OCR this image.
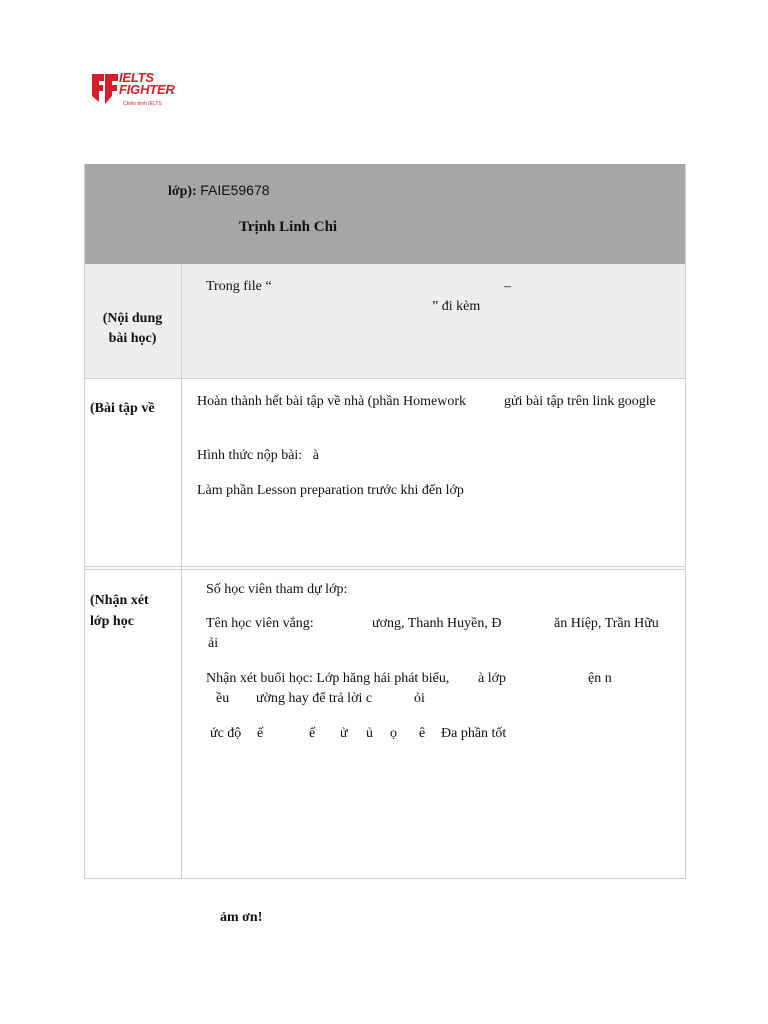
IELTS
FIGHTER
Chiến binh IELTS
lớp): FAIE59678
Trịnh Linh Chi
(Nội dung
bài học)
Trong file “	–
” đi kèm
(Bài tập về	Hoàn thành hết bài tập về nhà (phần Homework	gửi bài tập trên link google
Hình thức nộp bài: à
Làm phần Lesson preparation trước khi đến lớp
(Nhận xét
lớp học
Số học viên tham dự lớp:
Tên học viên vắng:	ương, Thanh Huyền, Đ	ăn Hiệp, Trần Hữu
ải
Nhận xét buổi học: Lớp hăng hái phát biểu, à lớp	ện n
ều ường hay để trả lời c	ỏi
ức độ ế	ế ử ủ ọ ê Đa phần tốt
ảm ơn!
